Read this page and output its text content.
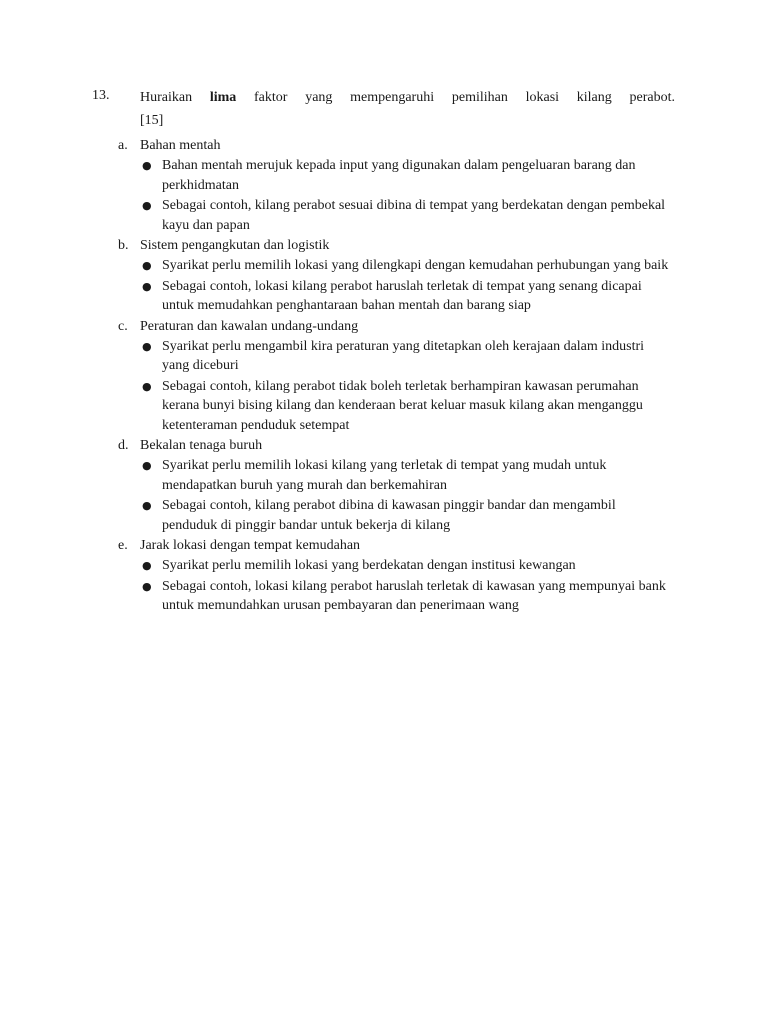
13. Huraikan lima faktor yang mempengaruhi pemilihan lokasi kilang perabot.
[15]
a. Bahan mentah
● Bahan mentah merujuk kepada input yang digunakan dalam pengeluaran barang dan perkhidmatan
● Sebagai contoh, kilang perabot sesuai dibina di tempat yang berdekatan dengan pembekal kayu dan papan
b. Sistem pengangkutan dan logistik
● Syarikat perlu memilih lokasi yang dilengkapi dengan kemudahan perhubungan yang baik
● Sebagai contoh, lokasi kilang perabot haruslah terletak di tempat yang senang dicapai untuk memudahkan penghantaraan bahan mentah dan barang siap
c. Peraturan dan kawalan undang-undang
● Syarikat perlu mengambil kira peraturan yang ditetapkan oleh kerajaan dalam industri yang diceburi
● Sebagai contoh, kilang perabot tidak boleh terletak berhampiran kawasan perumahan kerana bunyi bising kilang dan kenderaan berat keluar masuk kilang akan menganggu ketenteraman penduduk setempat
d. Bekalan tenaga buruh
● Syarikat perlu memilih lokasi kilang yang terletak di tempat yang mudah untuk mendapatkan buruh yang murah dan berkemahiran
● Sebagai contoh, kilang perabot dibina di kawasan pinggir bandar dan mengambil penduduk di pinggir bandar untuk bekerja di kilang
e. Jarak lokasi dengan tempat kemudahan
● Syarikat perlu memilih lokasi yang berdekatan dengan institusi kewangan
● Sebagai contoh, lokasi kilang perabot haruslah terletak di kawasan yang mempunyai bank untuk memundahkan urusan pembayaran dan penerimaan wang
